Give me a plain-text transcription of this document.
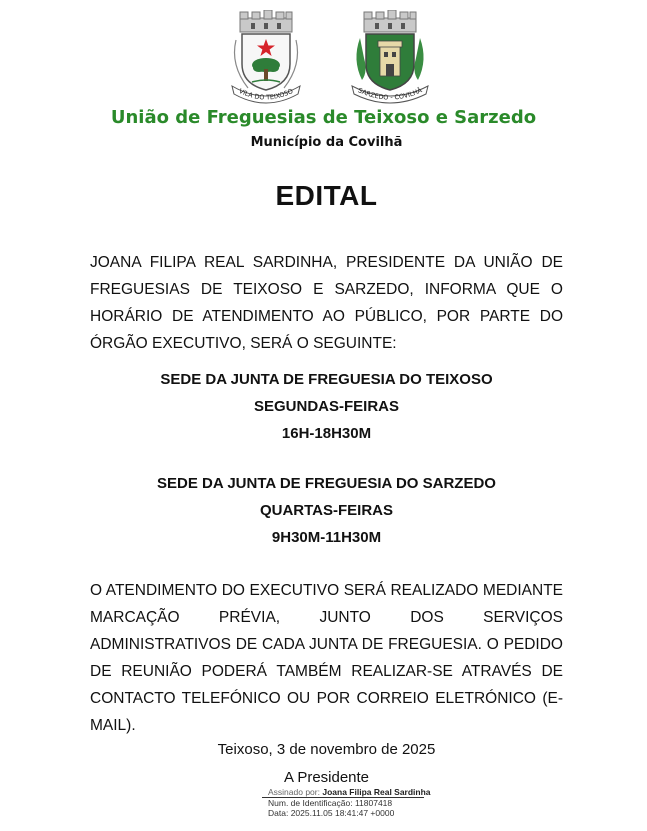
VILA DO TEIXOSO	SARZEDO - COVILHÃ
União de Freguesias de Teixoso e Sarzedo
Município da Covilhã
EDITAL
JOANA FILIPA REAL SARDINHA, PRESIDENTE DA UNIÃO DE FREGUESIAS DE TEIXOSO E SARZEDO, INFORMA QUE O HORÁRIO DE ATENDIMENTO AO PÚBLICO, POR PARTE DO ÓRGÃO EXECUTIVO, SERÁ O SEGUINTE:
SEDE DA JUNTA DE FREGUESIA DO TEIXOSO
SEGUNDAS-FEIRAS
16H-18H30M
SEDE DA JUNTA DE FREGUESIA DO SARZEDO
QUARTAS-FEIRAS
9H30M-11H30M
O ATENDIMENTO DO EXECUTIVO SERÁ REALIZADO MEDIANTE MARCAÇÃO PRÉVIA, JUNTO DOS SERVIÇOS ADMINISTRATIVOS DE CADA JUNTA DE FREGUESIA. O PEDIDO DE REUNIÃO PODERÁ TAMBÉM REALIZAR-SE ATRAVÉS DE CONTACTO TELEFÓNICO OU POR CORREIO ELETRÓNICO (E-MAIL).
Teixoso, 3 de novembro de 2025
A Presidente
Assinado por: Joana Filipa Real Sardinha
Num. de Identificação: 11807418
Data: 2025.11.05 18:41:47 +0000
